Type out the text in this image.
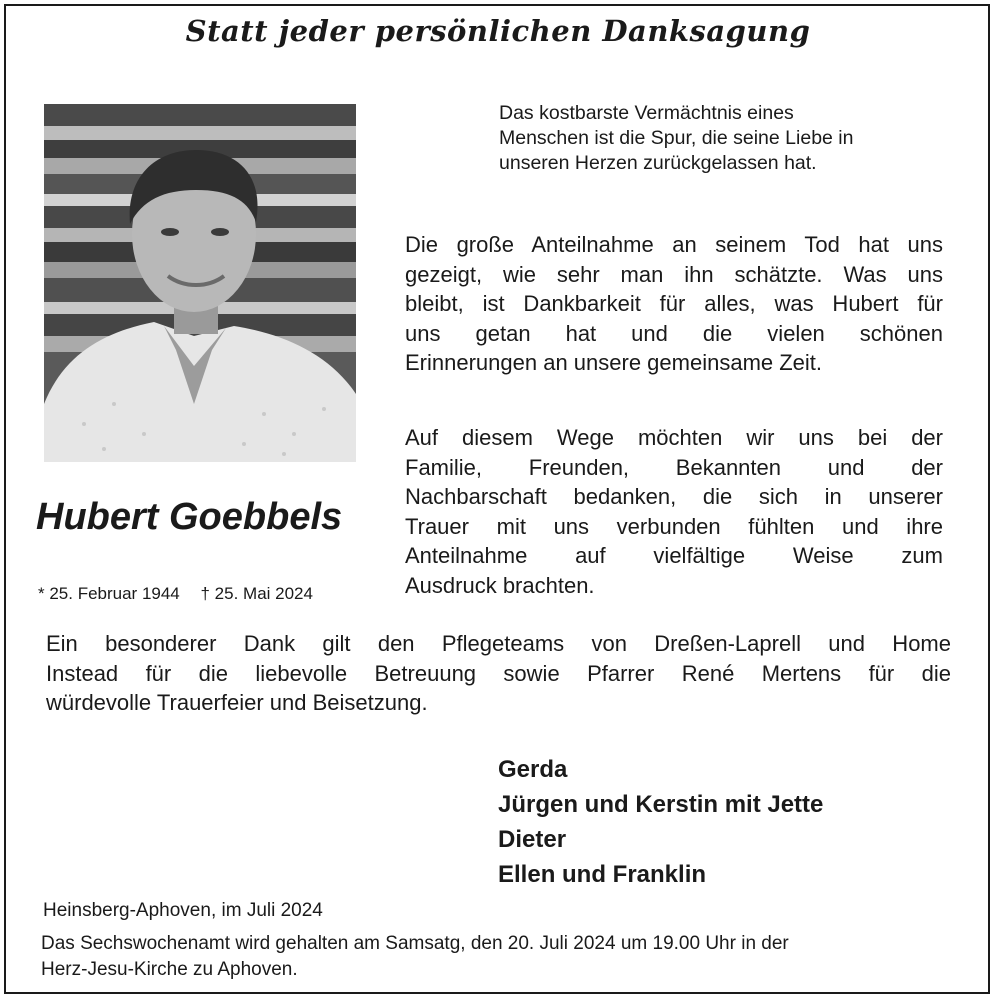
Statt jeder persönlichen Danksagung
Hubert Goebbels
* 25. Februar 1944 † 25. Mai 2024
Das kostbarste Vermächtnis eines
Menschen ist die Spur, die seine Liebe in
unseren Herzen zurückgelassen hat.
Die große Anteilnahme an seinem Tod hat uns
gezeigt, wie sehr man ihn schätzte. Was uns
bleibt, ist Dankbarkeit für alles, was Hubert für
uns getan hat und die vielen schönen
Erinnerungen an unsere gemeinsame Zeit.
Auf diesem Wege möchten wir uns bei der
Familie, Freunden, Bekannten und der
Nachbarschaft bedanken, die sich in unserer
Trauer mit uns verbunden fühlten und ihre
Anteilnahme auf vielfältige Weise zum
Ausdruck brachten.
Ein besonderer Dank gilt den Pflegeteams von Dreßen-Laprell und Home
Instead für die liebevolle Betreuung sowie Pfarrer René Mertens für die
würdevolle Trauerfeier und Beisetzung.
Gerda
Jürgen und Kerstin mit Jette
Dieter
Ellen und Franklin
Heinsberg-Aphoven, im Juli 2024
Das Sechswochenamt wird gehalten am Samsatg, den 20. Juli 2024 um 19.00 Uhr in der
Herz-Jesu-Kirche zu Aphoven.
